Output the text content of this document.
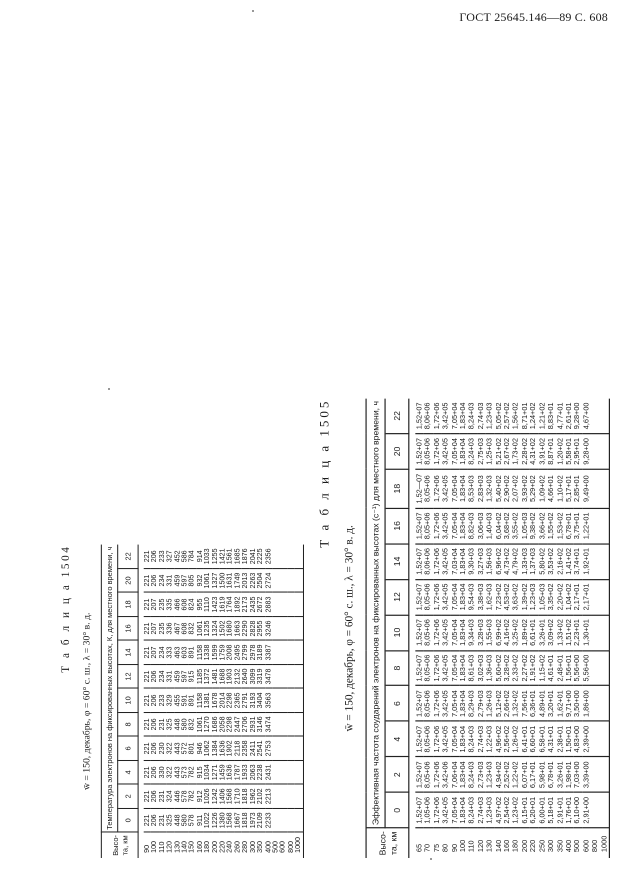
ГОСТ 25645.146—89 С. 608
Т а б л и ц а 1504
w̄ = 150, декабрь, φ = 60° с. ш., λ = 30° в. д.
Высо-
та, км	Температура электронов на фиксированных высотах, К, для местного времени, ч											
	0	2	4	6	8	10	12	14	16	18	20	22

90	221	221	221	221	221	221	221	221	221	221	221	221
100	206	206	206	206	206	206	206	207	207	207	206	206
110	231	231	330	230	231	233	234	234	235	235	234	233
120	325	324	322	322	325	329	331	333	336	335	331	327
130	448	446	443	443	448	455	459	463	467	466	459	452
140	580	578	573	572	580	591	597	603	608	608	597	586
150	578	782	782	801	832	891	915	891	832	824	805	784
160	911	912	915	946	1061	1158	1185	1158	1061	955	932	914
180	1022	1026	1034	1062	1270	1381	1372	1338	1235	1110	1061	1033
200	1226	1242	1271	1384	1686	1678	1481	1599	1324	1423	1327	1255
220	1380	1406	1459	1636	2058	2014	1688	1759	1502	1619	1500	1421
240	1568	1568	1636	1902	2298	2298	1903	2008	1680	1764	1631	1561
260	1667	1710	1787	2118	2447	2365	2132	2495	1663	1892	1749	1685
280	1818	1818	1933	2358	2706	2791	2640	2799	2290	2173	2013	1876
300	1973	1962	2063	2411	2931	3193	3099	2978	2828	2435	2263	2041
350	2109	2102	2238	2541	3146	3404	3319	3189	2955	2672	2504	2225
400	2233	2213	2431	2753	3474	3563	3478	3387	3246	2883	2724	2356
500												
600												
800												
1000												
Т а б л и ц а 1505
w̄ = 150, декабрь, φ = 60° с. ш., λ = 30° в. д.
Высо-
та, км	Эффективная частота соударений электронов на фиксированных высотах (с⁻¹) для местного времени, ч											
	0	2	4	6	8	10	12	14	16	18	20	22

65	1,52+07	1,52+07	1,52+07	1,52+07	1,52+07	1,52+07	1,52+07	1,52+07	1,52+07	1,52—07	1,52+07	1,52+07
70	1,05+06	8,05+06	8,05+06	8,05+06	8,05+06	8,05+06	8,05+06	8,06+06	8,05+06	8,05+06	8,05+06	8,06+06
75	1,72+06	1,72+06	1,72+06	1,72+06	1,72+06	1,72+06	1,72+06	1,72+06	1,72+06	1,72+06	1,72+06	1,72+06
80	3,42+05	3,42+06	3,42+05	3,42+05	3,42+05	3,42+05	3,42+05	3,42+05	3,42+05	3,42+05	3,42+05	3,42+05
90	7,05+04	7,06+04	7,05+04	7,05+04	7,05+04	7,05+04	7,05+04	7,03+04	7,05+04	7,05+04	7,05+04	7,05+04
100	1,83+04	1,83+04	1,83+04	1,83+04	1,83+04	1,83+04	1,83+04	1,83+04	1,83+04	1,83+04	1,83+04	1,83+04
110	8,24+03	8,24+03	8,24+03	8,29+03	8,61+03	9,34+03	9,54+03	9,30+03	8,82+03	8,53+03	8,24+03	8,24+03
120	2,74+03	2,73+03	2,74+03	2,79+03	3,02+03	3,28+03	3,38+03	3,27+03	3,06+03	2,83+03	2,75+03	2,74+03
130	1,23+03	1,23+03	1,22+03	1,26+03	1,36+03	1,55+03	1,62+03	1,56+03	1,40+03	1,32+03	1,25+03	1,23+03
140	4,97+02	4,94+02	4,96+02	5,12+02	5,60+02	6,99+02	7,23+02	6,96+02	6,04+02	5,40+02	5,21+02	5,05+02
160	2,54+02	2,52+02	2,56+02	2,66+02	3,28+02	4,16+02	4,53+02	4,73+02	3,68+02	2,90+02	2,67+02	2,57+02
180	1,23+02	1,22+02	1,26+02	1,32+02	2,33+02	3,25+02	3,63+02	4,79+02	3,55+02	2,07+02	1,73+02	1,56+02
200	6,15+01	6,07+01	6,41+01	7,56+01	2,27+02	1,89+02	1,39+02	1,33+03	1,05+03	3,93+02	2,28+02	8,71+01
220	6,20+01	6,17+01	6,60+01	6,36+01	1,91+02	6,61+01	1,23+03	1,37+03	9,38+02	5,29+02	4,31+02	1,24+02
250	6,00+01	5,98+01	6,58+01	4,89+01	1,15+02	3,26+01	1,05+03	5,80+02	3,66+02	1,09+02	3,91+02	1,21+02
300	5,18+01	6,78+01	4,31+01	3,20+01	4,61+01	3,09+02	3,35+02	3,53+02	1,55+02	4,66+01	8,87+01	8,83+01
350	2,91+01	3,26+01	2,38+01	1,62+01	2,48+01	1,33+02	2,20+02	2,16+02	1,53+02	1,10+02	1,20+02	4,77+01
400	1,76+01	1,98+01	1,50+01	9,71+00	1,56+01	1,51+02	1,04+02	1,41+02	6,78+01	5,17+01	5,58+01	2,61+01
500	6,10+00	7,03+00	4,83+00	3,50+00	5,56+00	2,23+01	2,17+01	3,74+01	3,75+01	2,85+01	2,95+01	9,28+00
600	2,91+00	3,39+00	2,39+00	1,86+00	5,56+00	1,30+01	2,17+01	1,92+01	1,22+01	9,49+00	9,28+00	4,67+00
800												
1000												
